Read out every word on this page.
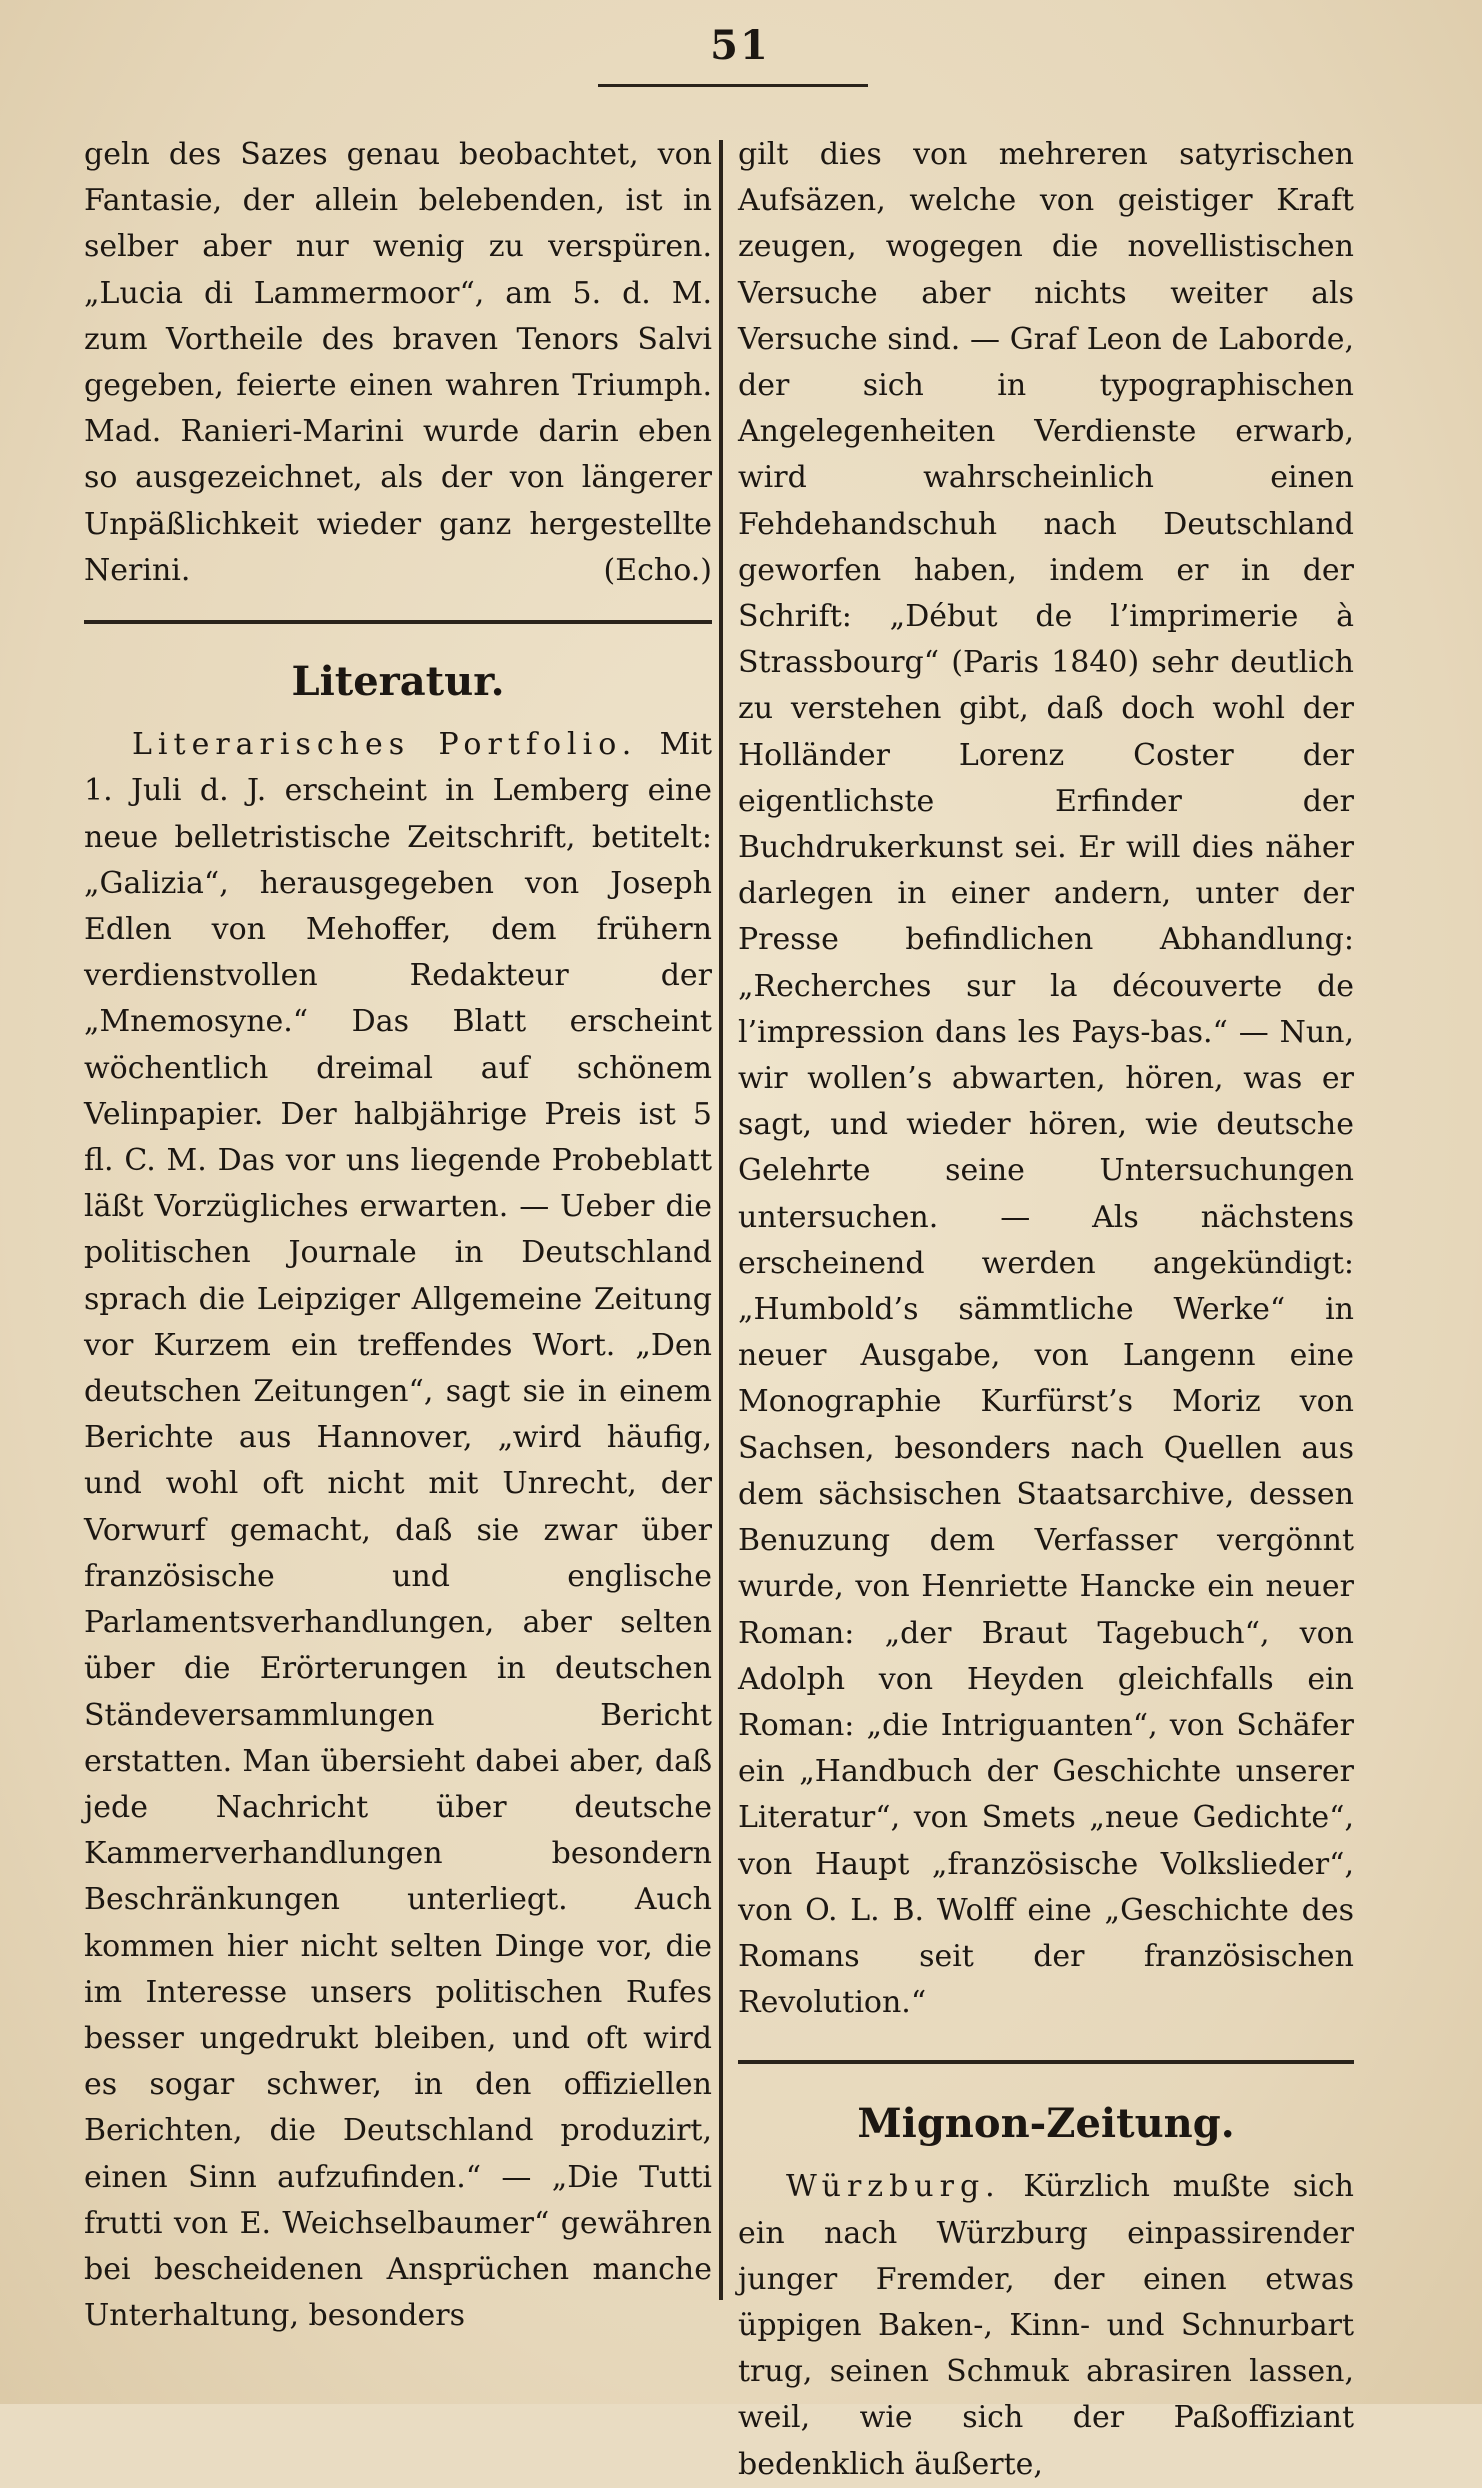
51

geln des Sazes genau beobachtet, von Fantasie, der allein belebenden, ist in selber aber nur wenig zu verspüren. „Lucia di Lammermoor“, am 5. d. M. zum Vortheile des braven Tenors Salvi gegeben, feierte einen wahren Triumph. Mad. Ranieri-Marini wurde darin eben so ausgezeichnet, als der von längerer Unpäßlichkeit wieder ganz hergestellte Nerini.	(Echo.)

Literatur.

Literarisches Portfolio. Mit 1. Juli d. J. erscheint in Lemberg eine neue belletristische Zeitschrift, betitelt: „Galizia“, herausgegeben von Joseph Edlen von Mehoffer, dem frühern verdienstvollen Redakteur der „Mnemosyne.“ Das Blatt erscheint wöchentlich dreimal auf schönem Velinpapier. Der halbjährige Preis ist 5 fl. C. M. Das vor uns liegende Probeblatt läßt Vorzügliches erwarten. — Ueber die politischen Journale in Deutschland sprach die Leipziger Allgemeine Zeitung vor Kurzem ein treffendes Wort. „Den deutschen Zeitungen“, sagt sie in einem Berichte aus Hannover, „wird häufig, und wohl oft nicht mit Unrecht, der Vorwurf gemacht, daß sie zwar über französische und englische Parlamentsverhandlungen, aber selten über die Erörterungen in deutschen Ständeversammlungen Bericht erstatten. Man übersieht dabei aber, daß jede Nachricht über deutsche Kammerverhandlungen besondern Beschränkungen unterliegt. Auch kommen hier nicht selten Dinge vor, die im Interesse unsers politischen Rufes besser ungedrukt bleiben, und oft wird es sogar schwer, in den offiziellen Berichten, die Deutschland produzirt, einen Sinn aufzufinden.“ — „Die Tutti frutti von E. Weichselbaumer“ gewähren bei bescheidenen Ansprüchen manche Unterhaltung, besonders

gilt dies von mehreren satyrischen Aufsäzen, welche von geistiger Kraft zeugen, wogegen die novellistischen Versuche aber nichts weiter als Versuche sind. — Graf Leon de Laborde, der sich in typographischen Angelegenheiten Verdienste erwarb, wird wahrscheinlich einen Fehdehandschuh nach Deutschland geworfen haben, indem er in der Schrift: „Début de l’imprimerie à Strassbourg“ (Paris 1840) sehr deutlich zu verstehen gibt, daß doch wohl der Holländer Lorenz Coster der eigentlichste Erfinder der Buchdrukerkunst sei. Er will dies näher darlegen in einer andern, unter der Presse befindlichen Abhandlung: „Recherches sur la découverte de l’impression dans les Pays-bas.“ — Nun, wir wollen’s abwarten, hören, was er sagt, und wieder hören, wie deutsche Gelehrte seine Untersuchungen untersuchen. — Als nächstens erscheinend werden angekündigt: „Humbold’s sämmtliche Werke“ in neuer Ausgabe, von Langenn eine Monographie Kurfürst’s Moriz von Sachsen, besonders nach Quellen aus dem sächsischen Staatsarchive, dessen Benuzung dem Verfasser vergönnt wurde, von Henriette Hancke ein neuer Roman: „der Braut Tagebuch“, von Adolph von Heyden gleichfalls ein Roman: „die Intriguanten“, von Schäfer ein „Handbuch der Geschichte unserer Literatur“, von Smets „neue Gedichte“, von Haupt „französische Volkslieder“, von O. L. B. Wolff eine „Geschichte des Romans seit der französischen Revolution.“

Mignon-Zeitung.

Würzburg. Kürzlich mußte sich ein nach Würzburg einpassirender junger Fremder, der einen etwas üppigen Baken-, Kinn- und Schnurbart trug, seinen Schmuk abrasiren lassen, weil, wie sich der Paßoffiziant bedenklich äußerte,
